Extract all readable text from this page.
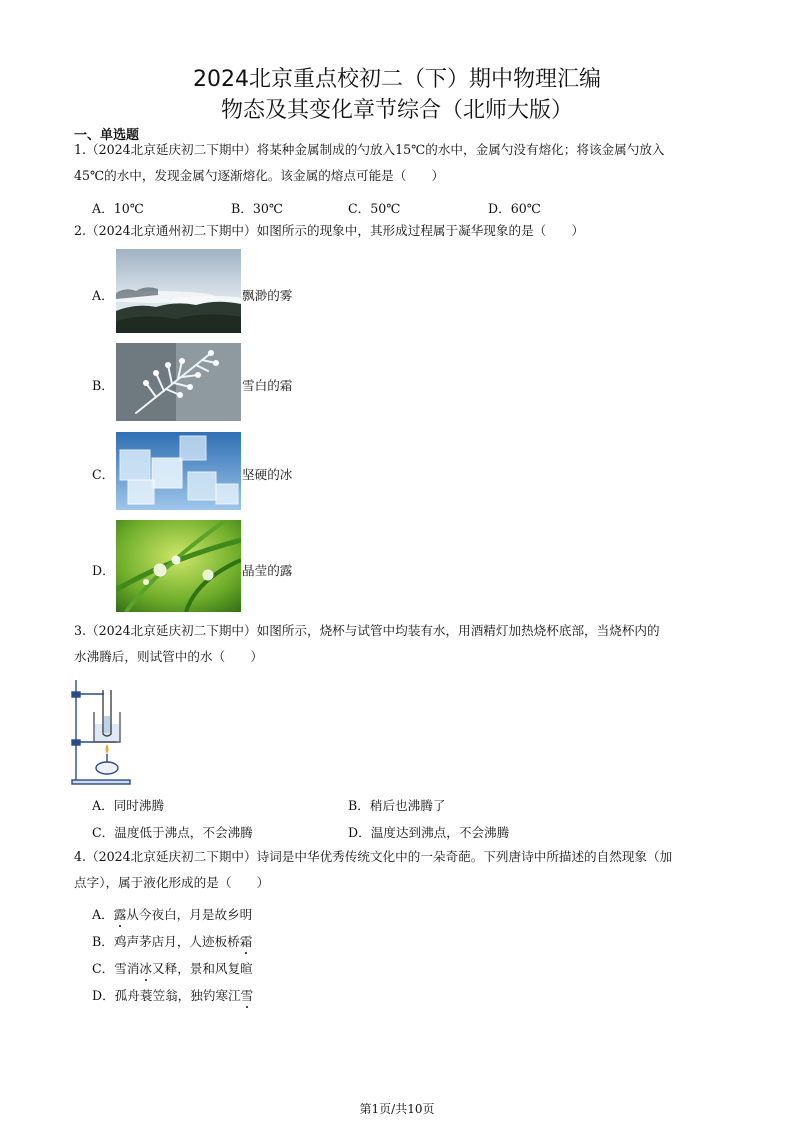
2024北京重点校初二（下）期中物理汇编
物态及其变化章节综合（北师大版）
一、单选题
1.（2024北京延庆初二下期中）将某种金属制成的勺放入15℃的水中，金属勺没有熔化；将该金属勺放入
45℃的水中，发现金属勺逐渐熔化。该金属的熔点可能是（　　）
A．10℃	B．30℃	C．50℃	D．60℃
2.（2024北京通州初二下期中）如图所示的现象中，其形成过程属于凝华现象的是（　　）
A．	飘渺的雾
B．	雪白的霜
C．	坚硬的冰
D．	晶莹的露
3.（2024北京延庆初二下期中）如图所示，烧杯与试管中均装有水，用酒精灯加热烧杯底部，当烧杯内的
水沸腾后，则试管中的水（　　）
A．同时沸腾	B．稍后也沸腾了
C．温度低于沸点，不会沸腾	D．温度达到沸点，不会沸腾
4.（2024北京延庆初二下期中）诗词是中华优秀传统文化中的一朵奇葩。下列唐诗中所描述的自然现象（加
点字），属于液化形成的是（　　）
A．露从今夜白，月是故乡明
B．鸡声茅店月，人迹板桥霜
C．雪消冰又释，景和风复暄
D．孤舟蓑笠翁，独钓寒江雪
第1页/共10页
